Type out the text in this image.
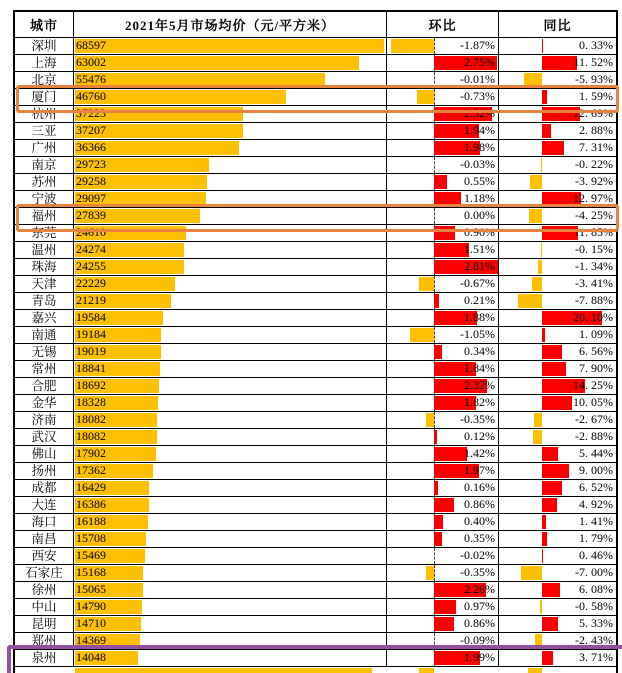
城市	2021年5月市场均价（元/平方米）	环比	同比
深圳 68597	-1.87%	0. 33%
上海 63002	2.75%	11. 52%
北京 55476	-0.01%	-5. 93%
厦门 46760	-0.73%	1. 59%
杭州 37223	2.52%	12. 69%
三亚 37207	1.94%	2. 88%
广州 36366	1.98%	7. 31%
南京 29723	-0.03%	-0. 22%
苏州 29258	0.55%	-3. 92%
宁波 29097	1.18%	12. 97%
福州 27839	0.00%	-4. 25%
东莞 24610	0.90%	11. 85%
温州 24274	1.51%	-0. 15%
珠海 24255	2.81%	-1. 34%
天津 22229	-0.67%	-3. 41%
青岛 21219	0.21%	-7. 88%
嘉兴 19584	1.88%	20. 10%
南通 19184	-1.05%	1. 09%
无锡 19019	0.34%	6. 56%
常州 18841	1.84%	7. 90%
合肥 18692	2.32%	14. 25%
金华 18328	1.82%	10. 05%
济南 18082	-0.35%	-2. 67%
武汉 18082	0.12%	-2. 88%
佛山 17902	1.42%	5. 44%
扬州 17362	1.97%	9. 00%
成都 16429	0.16%	6. 52%
大连 16386	0.86%	4. 92%
海口 16188	0.40%	1. 41%
南昌 15708	0.35%	1. 79%
西安 15469	-0.02%	0. 46%
石家庄 15168	-0.35%	-7. 00%
徐州 15065	2.26%	6. 08%
中山 14790	0.97%	-0. 58%
昆明 14710	0.86%	5. 33%
郑州 14369	-0.09%	-2. 43%
泉州 14048	1.99%	3. 71%
